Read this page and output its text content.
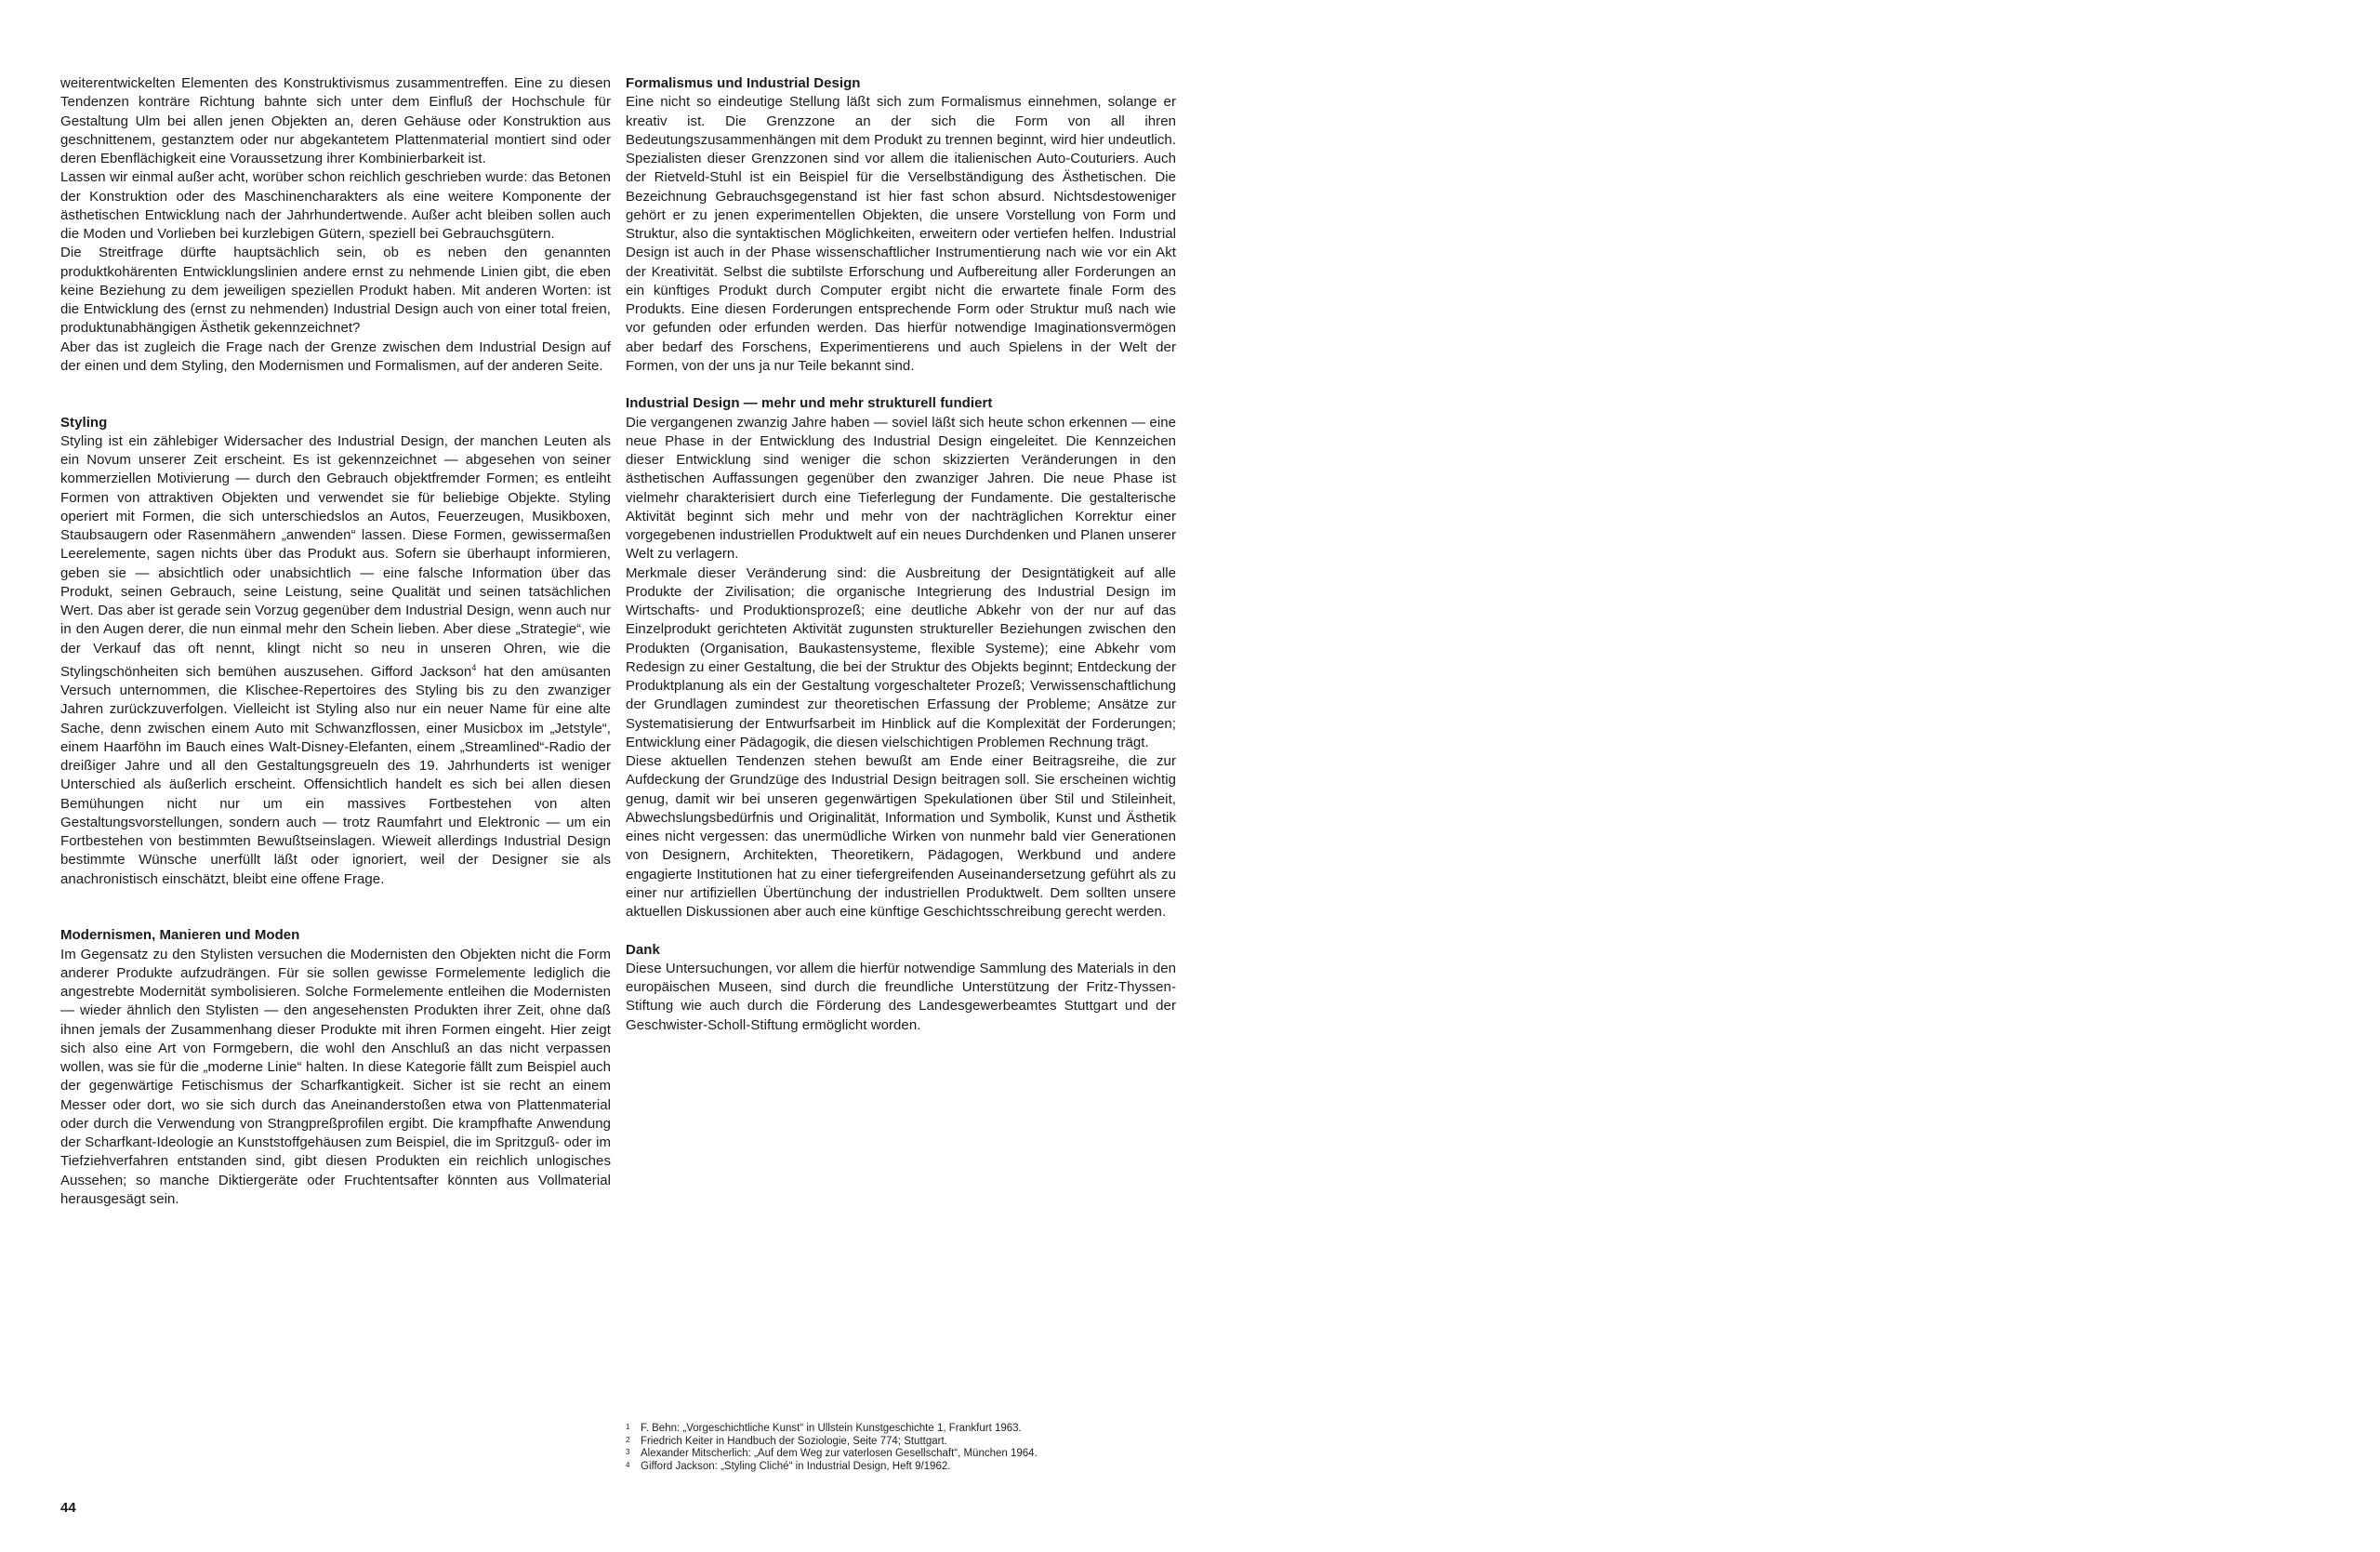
weiterentwickelten Elementen des Konstruktivismus zusammentreffen. Eine zu diesen Tendenzen konträre Richtung bahnte sich unter dem Einfluß der Hochschule für Gestaltung Ulm bei allen jenen Objekten an, deren Gehäuse oder Konstruktion aus geschnittenem, gestanztem oder nur abgekantetem Plattenmaterial montiert sind oder deren Ebenflächigkeit eine Voraussetzung ihrer Kombinierbarkeit ist.

Lassen wir einmal außer acht, worüber schon reichlich geschrieben wurde: das Betonen der Konstruktion oder des Maschinencharakters als eine weitere Komponente der ästhetischen Entwicklung nach der Jahrhundertwende. Außer acht bleiben sollen auch die Moden und Vorlieben bei kurzlebigen Gütern, speziell bei Gebrauchsgütern.

Die Streitfrage dürfte hauptsächlich sein, ob es neben den genannten produktkohärenten Entwicklungslinien andere ernst zu nehmende Linien gibt, die eben keine Beziehung zu dem jeweiligen speziellen Produkt haben. Mit anderen Worten: ist die Entwicklung des (ernst zu nehmenden) Industrial Design auch von einer total freien, produktunabhängigen Ästhetik gekennzeichnet?

Aber das ist zugleich die Frage nach der Grenze zwischen dem Industrial Design auf der einen und dem Styling, den Modernismen und Formalismen, auf der anderen Seite.

Styling

Styling ist ein zählebiger Widersacher des Industrial Design, der manchen Leuten als ein Novum unserer Zeit erscheint. Es ist gekennzeichnet — abgesehen von seiner kommerziellen Motivierung — durch den Gebrauch objektfremder Formen; es entleiht Formen von attraktiven Objekten und verwendet sie für beliebige Objekte. Styling operiert mit Formen, die sich unterschiedslos an Autos, Feuerzeugen, Musikboxen, Staubsaugern oder Rasenmähern „anwenden“ lassen. Diese Formen, gewissermaßen Leerelemente, sagen nichts über das Produkt aus. Sofern sie überhaupt informieren, geben sie — absichtlich oder unabsichtlich — eine falsche Information über das Produkt, seinen Gebrauch, seine Leistung, seine Qualität und seinen tatsächlichen Wert. Das aber ist gerade sein Vorzug gegenüber dem Industrial Design, wenn auch nur in den Augen derer, die nun einmal mehr den Schein lieben. Aber diese „Strategie“, wie der Verkauf das oft nennt, klingt nicht so neu in unseren Ohren, wie die Stylingschönheiten sich bemühen auszusehen. Gifford Jackson$^4$ hat den amüsanten Versuch unternommen, die Klischee-Repertoires des Styling bis zu den zwanziger Jahren zurückzuverfolgen. Vielleicht ist Styling also nur ein neuer Name für eine alte Sache, denn zwischen einem Auto mit Schwanzflossen, einer Musicbox im „Jetstyle“, einem Haarföhn im Bauch eines Walt-Disney-Elefanten, einem „Streamlined“-Radio der dreißiger Jahre und all den Gestaltungsgreueln des 19. Jahrhunderts ist weniger Unterschied als äußerlich erscheint. Offensichtlich handelt es sich bei allen diesen Bemühungen nicht nur um ein massives Fortbestehen von alten Gestaltungsvorstellungen, sondern auch — trotz Raumfahrt und Elektronic — um ein Fortbestehen von bestimmten Bewußtseinslagen. Wieweit allerdings Industrial Design bestimmte Wünsche unerfüllt läßt oder ignoriert, weil der Designer sie als anachronistisch einschätzt, bleibt eine offene Frage.

Modernismen, Manieren und Moden

Im Gegensatz zu den Stylisten versuchen die Modernisten den Objekten nicht die Form anderer Produkte aufzudrängen. Für sie sollen gewisse Formelemente lediglich die angestrebte Modernität symbolisieren. Solche Formelemente entleihen die Modernisten — wieder ähnlich den Stylisten — den angesehensten Produkten ihrer Zeit, ohne daß ihnen jemals der Zusammenhang dieser Produkte mit ihren Formen eingeht. Hier zeigt sich also eine Art von Formgebern, die wohl den Anschluß an das nicht verpassen wollen, was sie für die „moderne Linie“ halten. In diese Kategorie fällt zum Beispiel auch der gegenwärtige Fetischismus der Scharfkantigkeit. Sicher ist sie recht an einem Messer oder dort, wo sie sich durch das Aneinanderstoßen etwa von Plattenmaterial oder durch die Verwendung von Strangpreßprofilen ergibt. Die krampfhafte Anwendung der Scharfkant-Ideologie an Kunststoffgehäusen zum Beispiel, die im Spritzguß- oder im Tiefziehverfahren entstanden sind, gibt diesen Produkten ein reichlich unlogisches Aussehen; so manche Diktiergeräte oder Fruchtentsafter könnten aus Vollmaterial herausgesägt sein.

Formalismus und Industrial Design

Eine nicht so eindeutige Stellung läßt sich zum Formalismus einnehmen, solange er kreativ ist. Die Grenzzone an der sich die Form von all ihren Bedeutungszusammenhängen mit dem Produkt zu trennen beginnt, wird hier undeutlich. Spezialisten dieser Grenzzonen sind vor allem die italienischen Auto-Couturiers. Auch der Rietveld-Stuhl ist ein Beispiel für die Verselbständigung des Ästhetischen. Die Bezeichnung Gebrauchsgegenstand ist hier fast schon absurd. Nichtsdestoweniger gehört er zu jenen experimentellen Objekten, die unsere Vorstellung von Form und Struktur, also die syntaktischen Möglichkeiten, erweitern oder vertiefen helfen. Industrial Design ist auch in der Phase wissenschaftlicher Instrumentierung nach wie vor ein Akt der Kreativität. Selbst die subtilste Erforschung und Aufbereitung aller Forderungen an ein künftiges Produkt durch Computer ergibt nicht die erwartete finale Form des Produkts. Eine diesen Forderungen entsprechende Form oder Struktur muß nach wie vor gefunden oder erfunden werden. Das hierfür notwendige Imaginationsvermögen aber bedarf des Forschens, Experimentierens und auch Spielens in der Welt der Formen, von der uns ja nur Teile bekannt sind.

Industrial Design — mehr und mehr strukturell fundiert

Die vergangenen zwanzig Jahre haben — soviel läßt sich heute schon erkennen — eine neue Phase in der Entwicklung des Industrial Design eingeleitet. Die Kennzeichen dieser Entwicklung sind weniger die schon skizzierten Veränderungen in den ästhetischen Auffassungen gegenüber den zwanziger Jahren. Die neue Phase ist vielmehr charakterisiert durch eine Tieferlegung der Fundamente. Die gestalterische Aktivität beginnt sich mehr und mehr von der nachträglichen Korrektur einer vorgegebenen industriellen Produktwelt auf ein neues Durchdenken und Planen unserer Welt zu verlagern.

Merkmale dieser Veränderung sind: die Ausbreitung der Designtätigkeit auf alle Produkte der Zivilisation; die organische Integrierung des Industrial Design im Wirtschafts- und Produktionsprozeß; eine deutliche Abkehr von der nur auf das Einzelprodukt gerichteten Aktivität zugunsten struktureller Beziehungen zwischen den Produkten (Organisation, Baukastensysteme, flexible Systeme); eine Abkehr vom Redesign zu einer Gestaltung, die bei der Struktur des Objekts beginnt; Entdeckung der Produktplanung als ein der Gestaltung vorgeschalteter Prozeß; Verwissenschaftlichung der Grundlagen zumindest zur theoretischen Erfassung der Probleme; Ansätze zur Systematisierung der Entwurfsarbeit im Hinblick auf die Komplexität der Forderungen; Entwicklung einer Pädagogik, die diesen vielschichtigen Problemen Rechnung trägt.

Diese aktuellen Tendenzen stehen bewußt am Ende einer Beitragsreihe, die zur Aufdeckung der Grundzüge des Industrial Design beitragen soll. Sie erscheinen wichtig genug, damit wir bei unseren gegenwärtigen Spekulationen über Stil und Stileinheit, Abwechslungsbedürfnis und Originalität, Information und Symbolik, Kunst und Ästhetik eines nicht vergessen: das unermüdliche Wirken von nunmehr bald vier Generationen von Designern, Architekten, Theoretikern, Pädagogen, Werkbund und andere engagierte Institutionen hat zu einer tiefergreifenden Auseinandersetzung geführt als zu einer nur artifiziellen Übertünchung der industriellen Produktwelt. Dem sollten unsere aktuellen Diskussionen aber auch eine künftige Geschichtsschreibung gerecht werden.

Dank

Diese Untersuchungen, vor allem die hierfür notwendige Sammlung des Materials in den europäischen Museen, sind durch die freundliche Unterstützung der Fritz-Thyssen-Stiftung wie auch durch die Förderung des Landesgewerbeamtes Stuttgart und der Geschwister-Scholl-Stiftung ermöglicht worden.

1 F. Behn: „Vorgeschichtliche Kunst“ in Ullstein Kunstgeschichte 1, Frankfurt 1963.
2 Friedrich Keiter in Handbuch der Soziologie, Seite 774; Stuttgart.
3 Alexander Mitscherlich: „Auf dem Weg zur vaterlosen Gesellschaft“, München 1964.
4 Gifford Jackson: „Styling Cliché“ in Industrial Design, Heft 9/1962.
44
